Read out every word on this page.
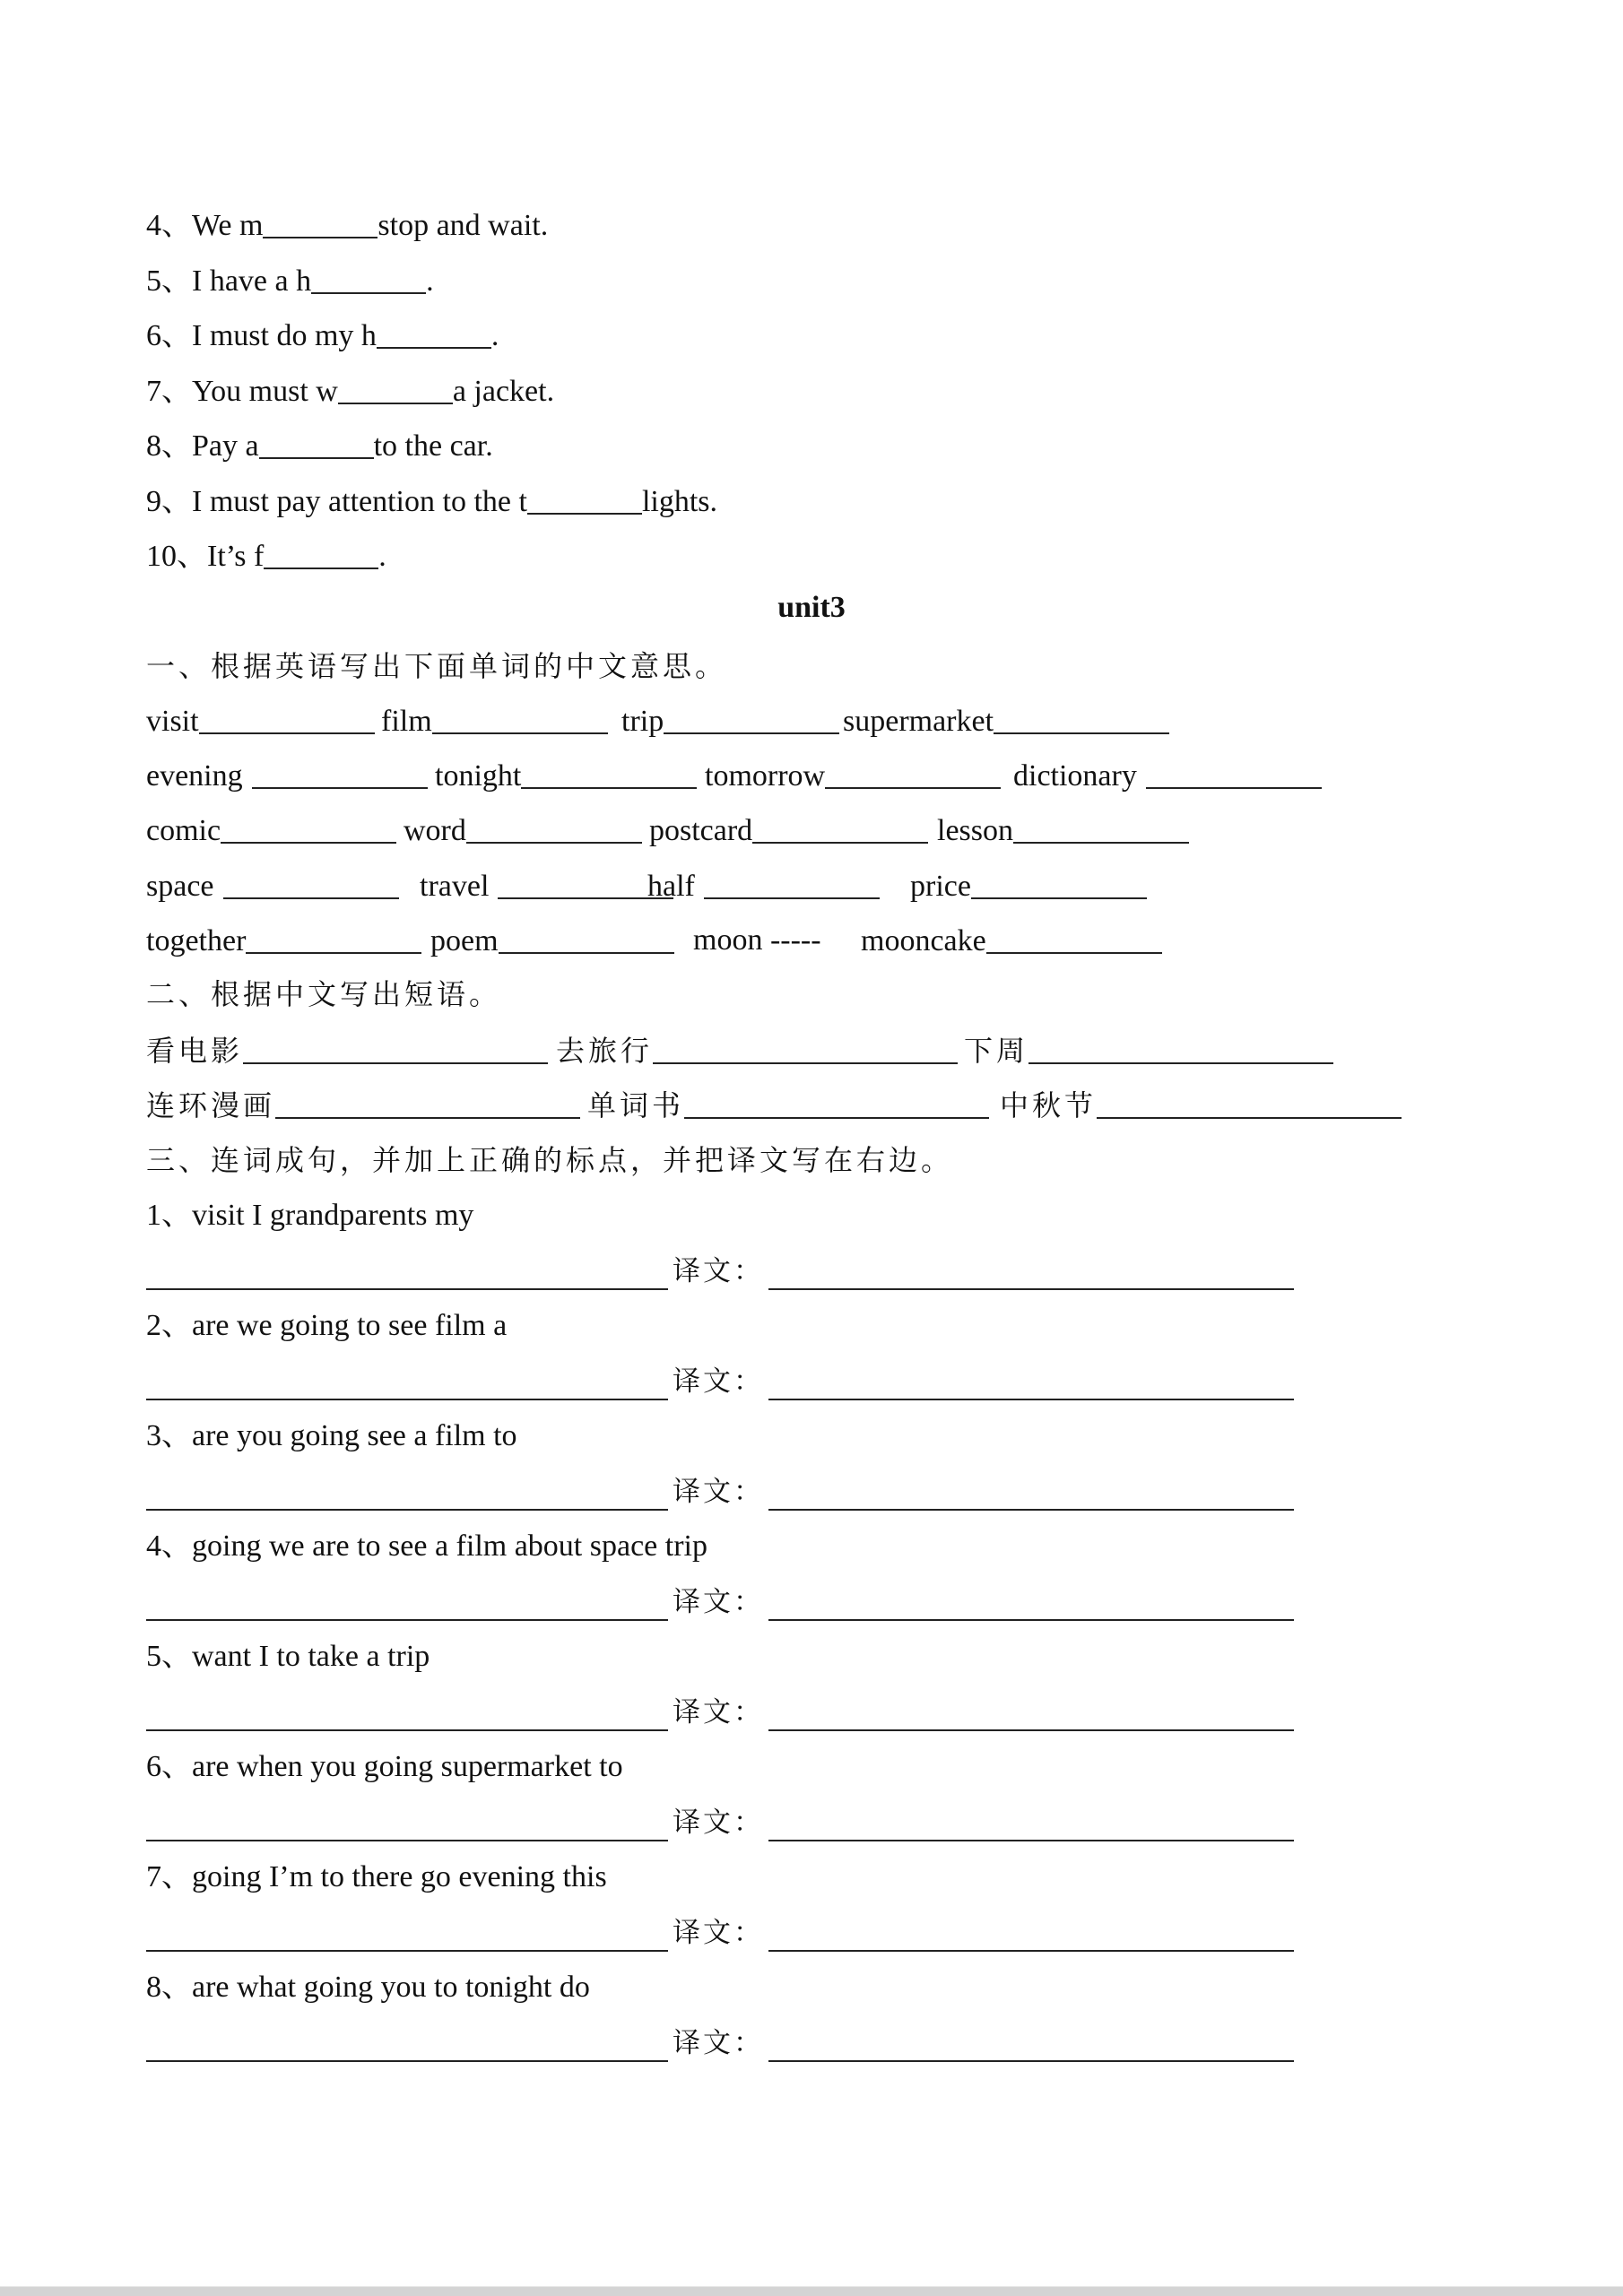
4、We m	stop and wait.
5、I have a h	.
6、I must do my h	.
7、You must w	a jacket.
8、Pay a	to the car.
9、I must pay attention to the t	lights.
10、It’s f	.
unit3
一、根据英语写出下面单词的中文意思。
visit	film	trip	supermarket
evening	tonight	tomorrow	dictionary
comic	word	postcard	lesson
space	travel	half	price
together	poem	moon ----- mooncake
二、根据中文写出短语。
看电影	去旅行	下周
连环漫画	单词书	中秋节
三、连词成句，并加上正确的标点，并把译文写在右边。
1、visit I grandparents my
译文：
2、are we going to see film a
译文：
3、are you going see a film to
译文：
4、going we are to see a film about space trip
译文：
5、want I to take a trip
译文：
6、are when you going supermarket to
译文：
7、going I’m to there go evening this
译文：
8、are what going you to tonight do
译文：
